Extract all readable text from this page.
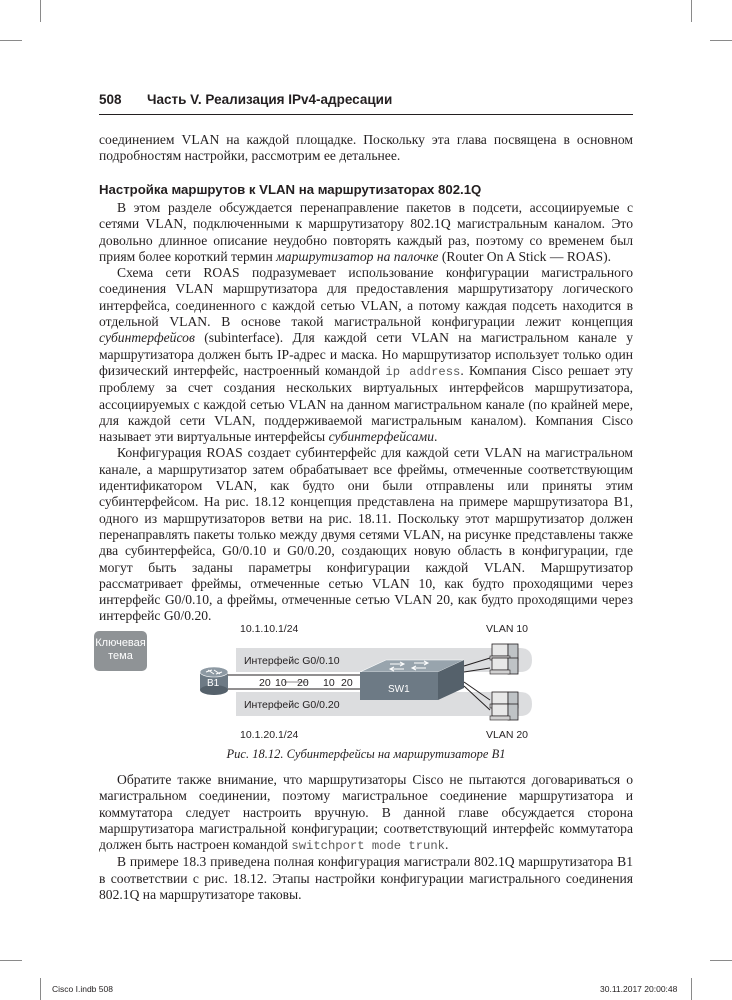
508 Часть V. Реализация IPv4-адресации

соединением VLAN на каждой площадке. Поскольку эта глава посвящена в основном подробностям настройки, рассмотрим ее детальнее.

Настройка маршрутов к VLAN на маршрутизаторах 802.1Q

В этом разделе обсуждается перенаправление пакетов в подсети, ассоциируемые с сетями VLAN, подключенными к маршрутизатору 802.1Q магистральным каналом. Это довольно длинное описание неудобно повторять каждый раз, поэтому со временем был приям более короткий термин маршрутизатор на палочке (Router On A Stick — ROAS).

Схема сети ROAS подразумевает использование конфигурации магистрального соединения VLAN маршрутизатора для предоставления маршрутизатору логического интерфейса, соединенного с каждой сетью VLAN, а потому каждая подсеть находится в отдельной VLAN. В основе такой магистральной конфигурации лежит концепция субинтерфейсов (subinterface). Для каждой сети VLAN на магистральном канале у маршрутизатора должен быть IP-адрес и маска. Но маршрутизатор использует только один физический интерфейс, настроенный командой ip address. Компания Cisco решает эту проблему за счет создания нескольких виртуальных интерфейсов маршрутизатора, ассоциируемых с каждой сетью VLAN на данном магистральном канале (по крайней мере, для каждой сети VLAN, поддерживаемой магистральным каналом). Компания Cisco называет эти виртуальные интерфейсы субинтерфейсами.

Конфигурация ROAS создает субинтерфейс для каждой сети VLAN на магистральном канале, а маршрутизатор затем обрабатывает все фреймы, отмеченные соответствующим идентификатором VLAN, как будто они были отправлены или приняты этим субинтерфейсом. На рис. 18.12 концепция представлена на примере маршрутизатора B1, одного из маршрутизаторов ветви на рис. 18.11. Поскольку этот маршрутизатор должен перенаправлять пакеты только между двумя сетями VLAN, на рисунке представлены также два субинтерфейса, G0/0.10 и G0/0.20, создающих новую область в конфигурации, где могут быть заданы параметры конфигурации каждой VLAN. Маршрутизатор рассматривает фреймы, отмеченные сетью VLAN 10, как будто проходящими через интерфейс G0/0.10, а фреймы, отмеченные сетью VLAN 20, как будто проходящими через интерфейс G0/0.20.

Ключевая
тема
10.1.10.1/24
10.1.20.1/24
VLAN 10
VLAN 20
Интерфейс G0/0.10
Интерфейс G0/0.20
20 10 20 10 20
B1
SW1
Рис. 18.12. Субинтерфейсы на маршрутизаторе B1

Обратите также внимание, что маршрутизаторы Cisco не пытаются договариваться о магистральном соединении, поэтому магистральное соединение маршрутизатора и коммутатора следует настроить вручную. В данной главе обсуждается сторона маршрутизатора магистральной конфигурации; соответствующий интерфейс коммутатора должен быть настроен командой switchport mode trunk.

В примере 18.3 приведена полная конфигурация магистрали 802.1Q маршрутизатора B1 в соответствии с рис. 18.12. Этапы настройки конфигурации магистрального соединения 802.1Q на маршрутизаторе таковы.

Cisco I.indb 508	30.11.2017 20:00:48
